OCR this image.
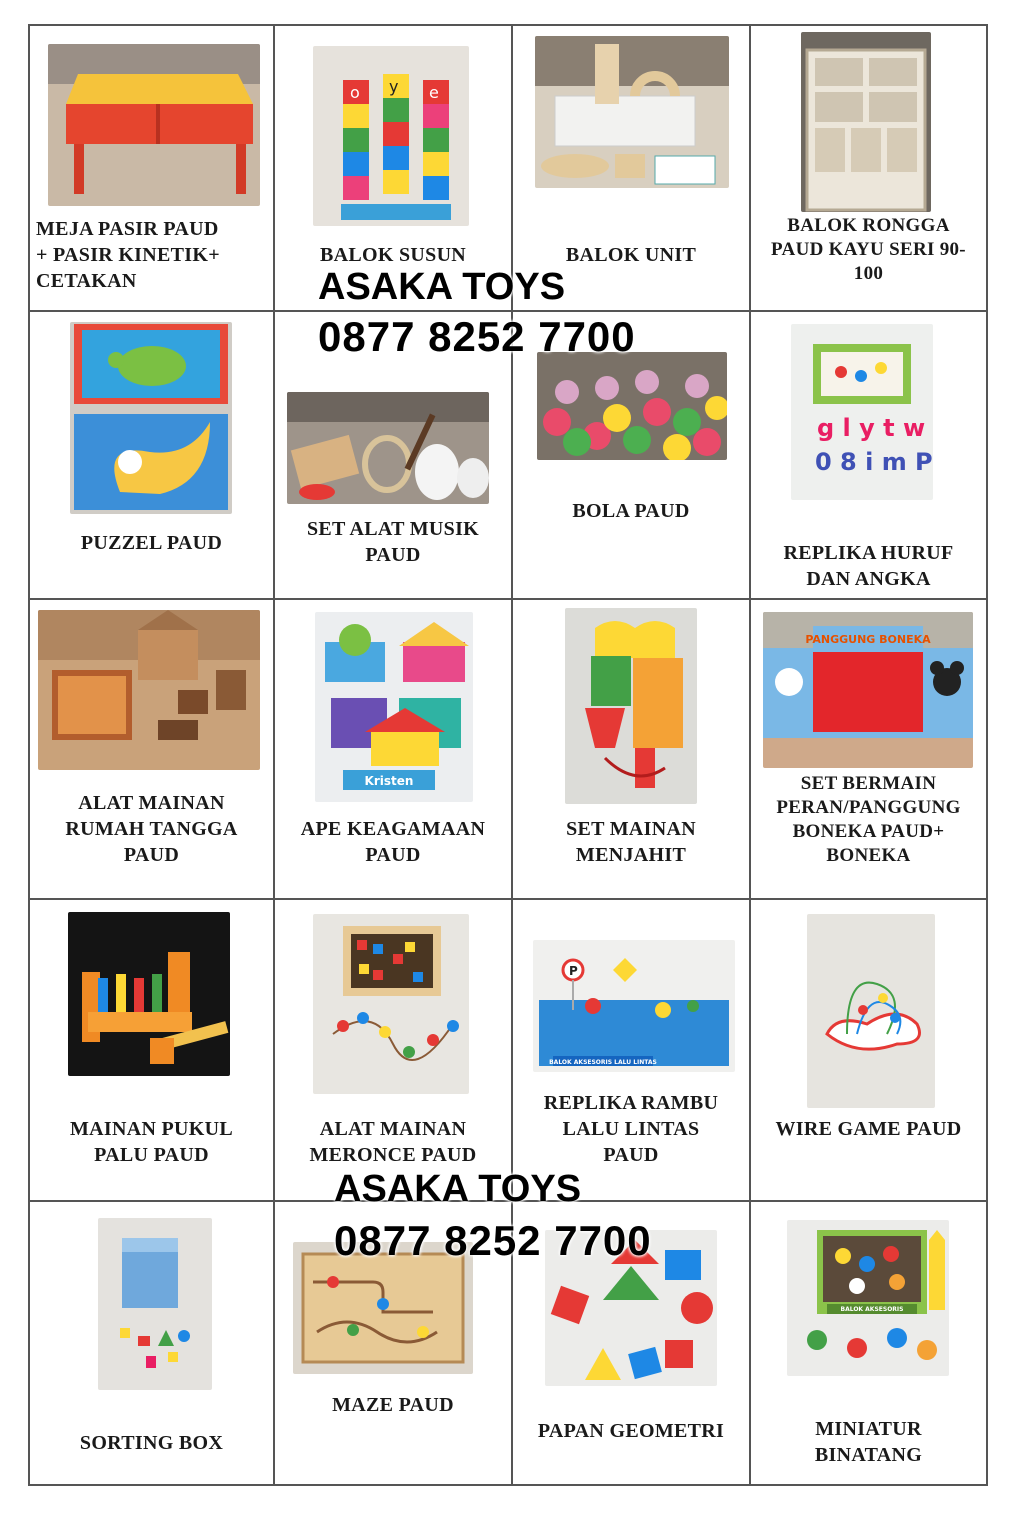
MEJA PASIR PAUD
+ PASIR KINETIK+
CETAKAN
o y e
BALOK SUSUN	BALOK UNIT
BALOK RONGGA
PAUD KAYU SERI 90-
100
PUZZEL PAUD
SET ALAT MUSIK
PAUD
BOLA PAUD
g l y t w
0 8 i m P
REPLIKA HURUF
DAN ANGKA
ALAT MAINAN
RUMAH TANGGA
PAUD
Kristen
APE KEAGAMAAN
PAUD
SET MAINAN
MENJAHIT
PANGGUNG BONEKA
SET BERMAIN
PERAN/PANGGUNG
BONEKA PAUD+
BONEKA
MAINAN PUKUL
PALU PAUD
ALAT MAINAN
MERONCE PAUD
P
BALOK AKSESORIS LALU LINTAS
REPLIKA RAMBU
LALU LINTAS
PAUD
WIRE GAME PAUD
SORTING BOX
MAZE PAUD
PAPAN GEOMETRI
BALOK AKSESORIS
MINIATUR
BINATANG
ASAKA TOYS
0877 8252 7700
ASAKA TOYS
0877 8252 7700
